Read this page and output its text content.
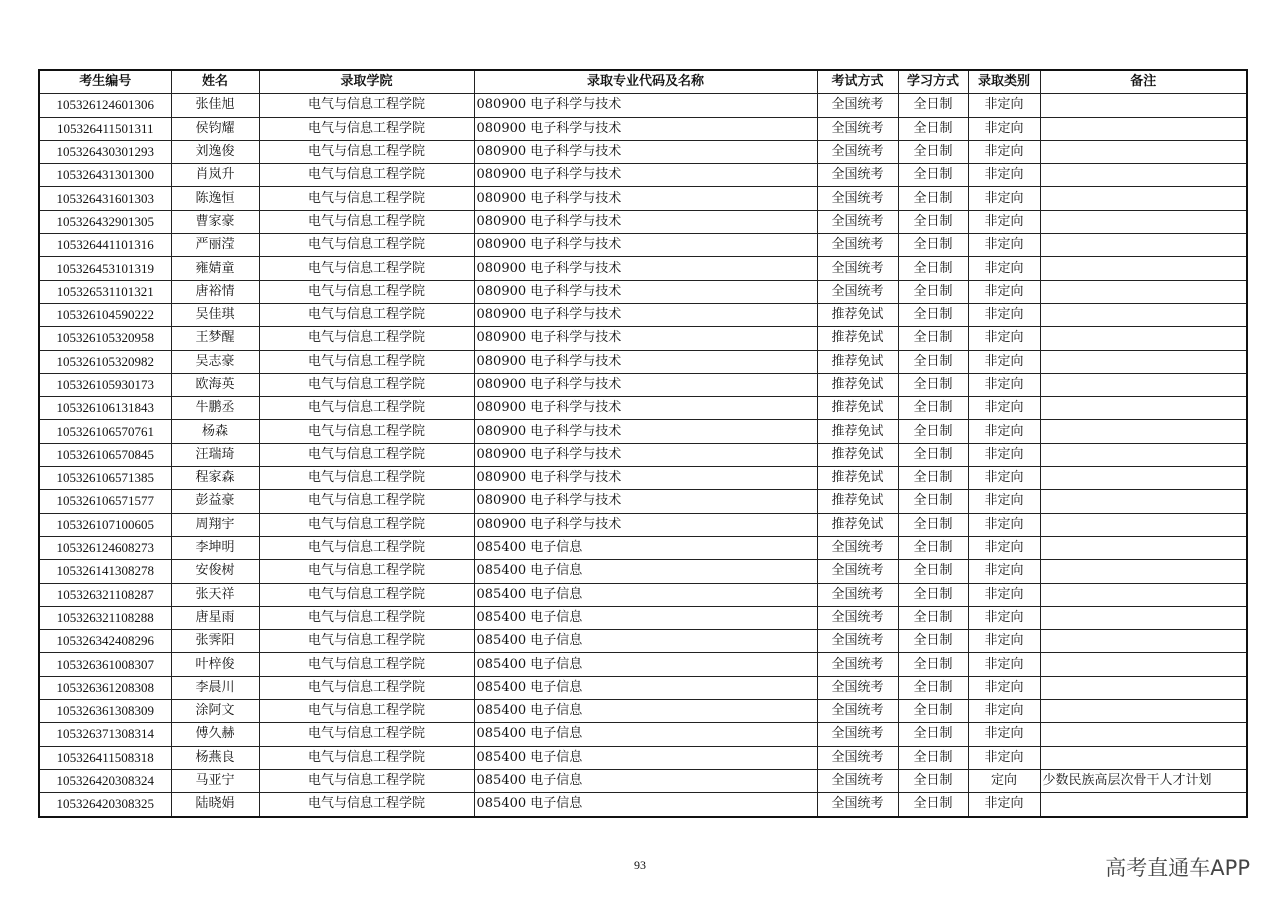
考生编号	姓名	录取学院	录取专业代码及名称	考试方式	学习方式	录取类别	备注
105326124601306	张佳旭	电气与信息工程学院	080900 电子科学与技术	全国统考	全日制	非定向	
105326411501311	侯钧耀	电气与信息工程学院	080900 电子科学与技术	全国统考	全日制	非定向	
105326430301293	刘逸俊	电气与信息工程学院	080900 电子科学与技术	全国统考	全日制	非定向	
105326431301300	肖岚升	电气与信息工程学院	080900 电子科学与技术	全国统考	全日制	非定向	
105326431601303	陈逸恒	电气与信息工程学院	080900 电子科学与技术	全国统考	全日制	非定向	
105326432901305	曹家豪	电气与信息工程学院	080900 电子科学与技术	全国统考	全日制	非定向	
105326441101316	严丽滢	电气与信息工程学院	080900 电子科学与技术	全国统考	全日制	非定向	
105326453101319	雍婧童	电气与信息工程学院	080900 电子科学与技术	全国统考	全日制	非定向	
105326531101321	唐裕情	电气与信息工程学院	080900 电子科学与技术	全国统考	全日制	非定向	
105326104590222	吴佳琪	电气与信息工程学院	080900 电子科学与技术	推荐免试	全日制	非定向	
105326105320958	王梦醒	电气与信息工程学院	080900 电子科学与技术	推荐免试	全日制	非定向	
105326105320982	吴志豪	电气与信息工程学院	080900 电子科学与技术	推荐免试	全日制	非定向	
105326105930173	欧海英	电气与信息工程学院	080900 电子科学与技术	推荐免试	全日制	非定向	
105326106131843	牛鹏丞	电气与信息工程学院	080900 电子科学与技术	推荐免试	全日制	非定向	
105326106570761	杨森	电气与信息工程学院	080900 电子科学与技术	推荐免试	全日制	非定向	
105326106570845	汪瑞琦	电气与信息工程学院	080900 电子科学与技术	推荐免试	全日制	非定向	
105326106571385	程家森	电气与信息工程学院	080900 电子科学与技术	推荐免试	全日制	非定向	
105326106571577	彭益豪	电气与信息工程学院	080900 电子科学与技术	推荐免试	全日制	非定向	
105326107100605	周翔宇	电气与信息工程学院	080900 电子科学与技术	推荐免试	全日制	非定向	
105326124608273	李坤明	电气与信息工程学院	085400 电子信息	全国统考	全日制	非定向	
105326141308278	安俊树	电气与信息工程学院	085400 电子信息	全国统考	全日制	非定向	
105326321108287	张天祥	电气与信息工程学院	085400 电子信息	全国统考	全日制	非定向	
105326321108288	唐星雨	电气与信息工程学院	085400 电子信息	全国统考	全日制	非定向	
105326342408296	张霁阳	电气与信息工程学院	085400 电子信息	全国统考	全日制	非定向	
105326361008307	叶梓俊	电气与信息工程学院	085400 电子信息	全国统考	全日制	非定向	
105326361208308	李晨川	电气与信息工程学院	085400 电子信息	全国统考	全日制	非定向	
105326361308309	涂阿文	电气与信息工程学院	085400 电子信息	全国统考	全日制	非定向	
105326371308314	傅久赫	电气与信息工程学院	085400 电子信息	全国统考	全日制	非定向	
105326411508318	杨燕良	电气与信息工程学院	085400 电子信息	全国统考	全日制	非定向	
105326420308324	马亚宁	电气与信息工程学院	085400 电子信息	全国统考	全日制	定向	少数民族高层次骨干人才计划
105326420308325	陆晓娟	电气与信息工程学院	085400 电子信息	全国统考	全日制	非定向	
93	高考直通车APP
